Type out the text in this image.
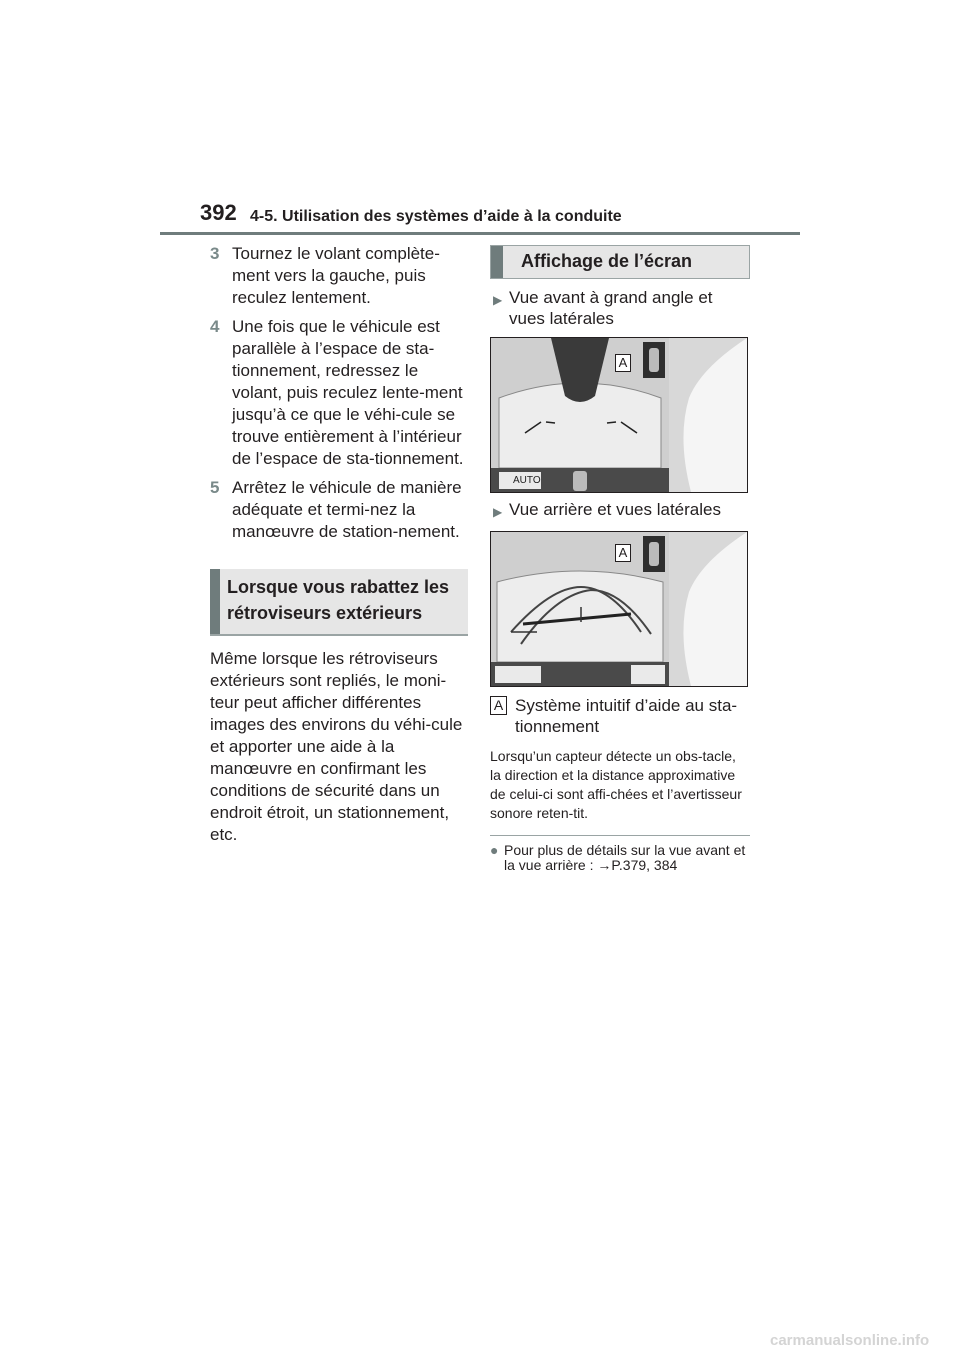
392 4-5. Utilisation des systèmes d’aide à la conduite
3 Tournez le volant complète-ment vers la gauche, puis reculez lentement.
4 Une fois que le véhicule est parallèle à l’espace de sta-tionnement, redressez le volant, puis reculez lente-ment jusqu’à ce que le véhi-cule se trouve entièrement à l’intérieur de l’espace de sta-tionnement.
5 Arrêtez le véhicule de manière adéquate et termi-nez la manœuvre de station-nement.
Lorsque vous rabattez les rétroviseurs extérieurs
Même lorsque les rétroviseurs extérieurs sont repliés, le moni-teur peut afficher différentes images des environs du véhi-cule et apporter une aide à la manœuvre en confirmant les conditions de sécurité dans un endroit étroit, un stationnement, etc.
Affichage de l’écran
▶ Vue avant à grand angle et vues latérales
A
AUTO
▶ Vue arrière et vues latérales
A
A Système intuitif d’aide au sta-tionnement
Lorsqu’un capteur détecte un obs-tacle, la direction et la distance approximative de celui-ci sont affi-chées et l’avertisseur sonore reten-tit.
● Pour plus de détails sur la vue avant et la vue arrière : →P.379, 384
carmanualsonline.info
